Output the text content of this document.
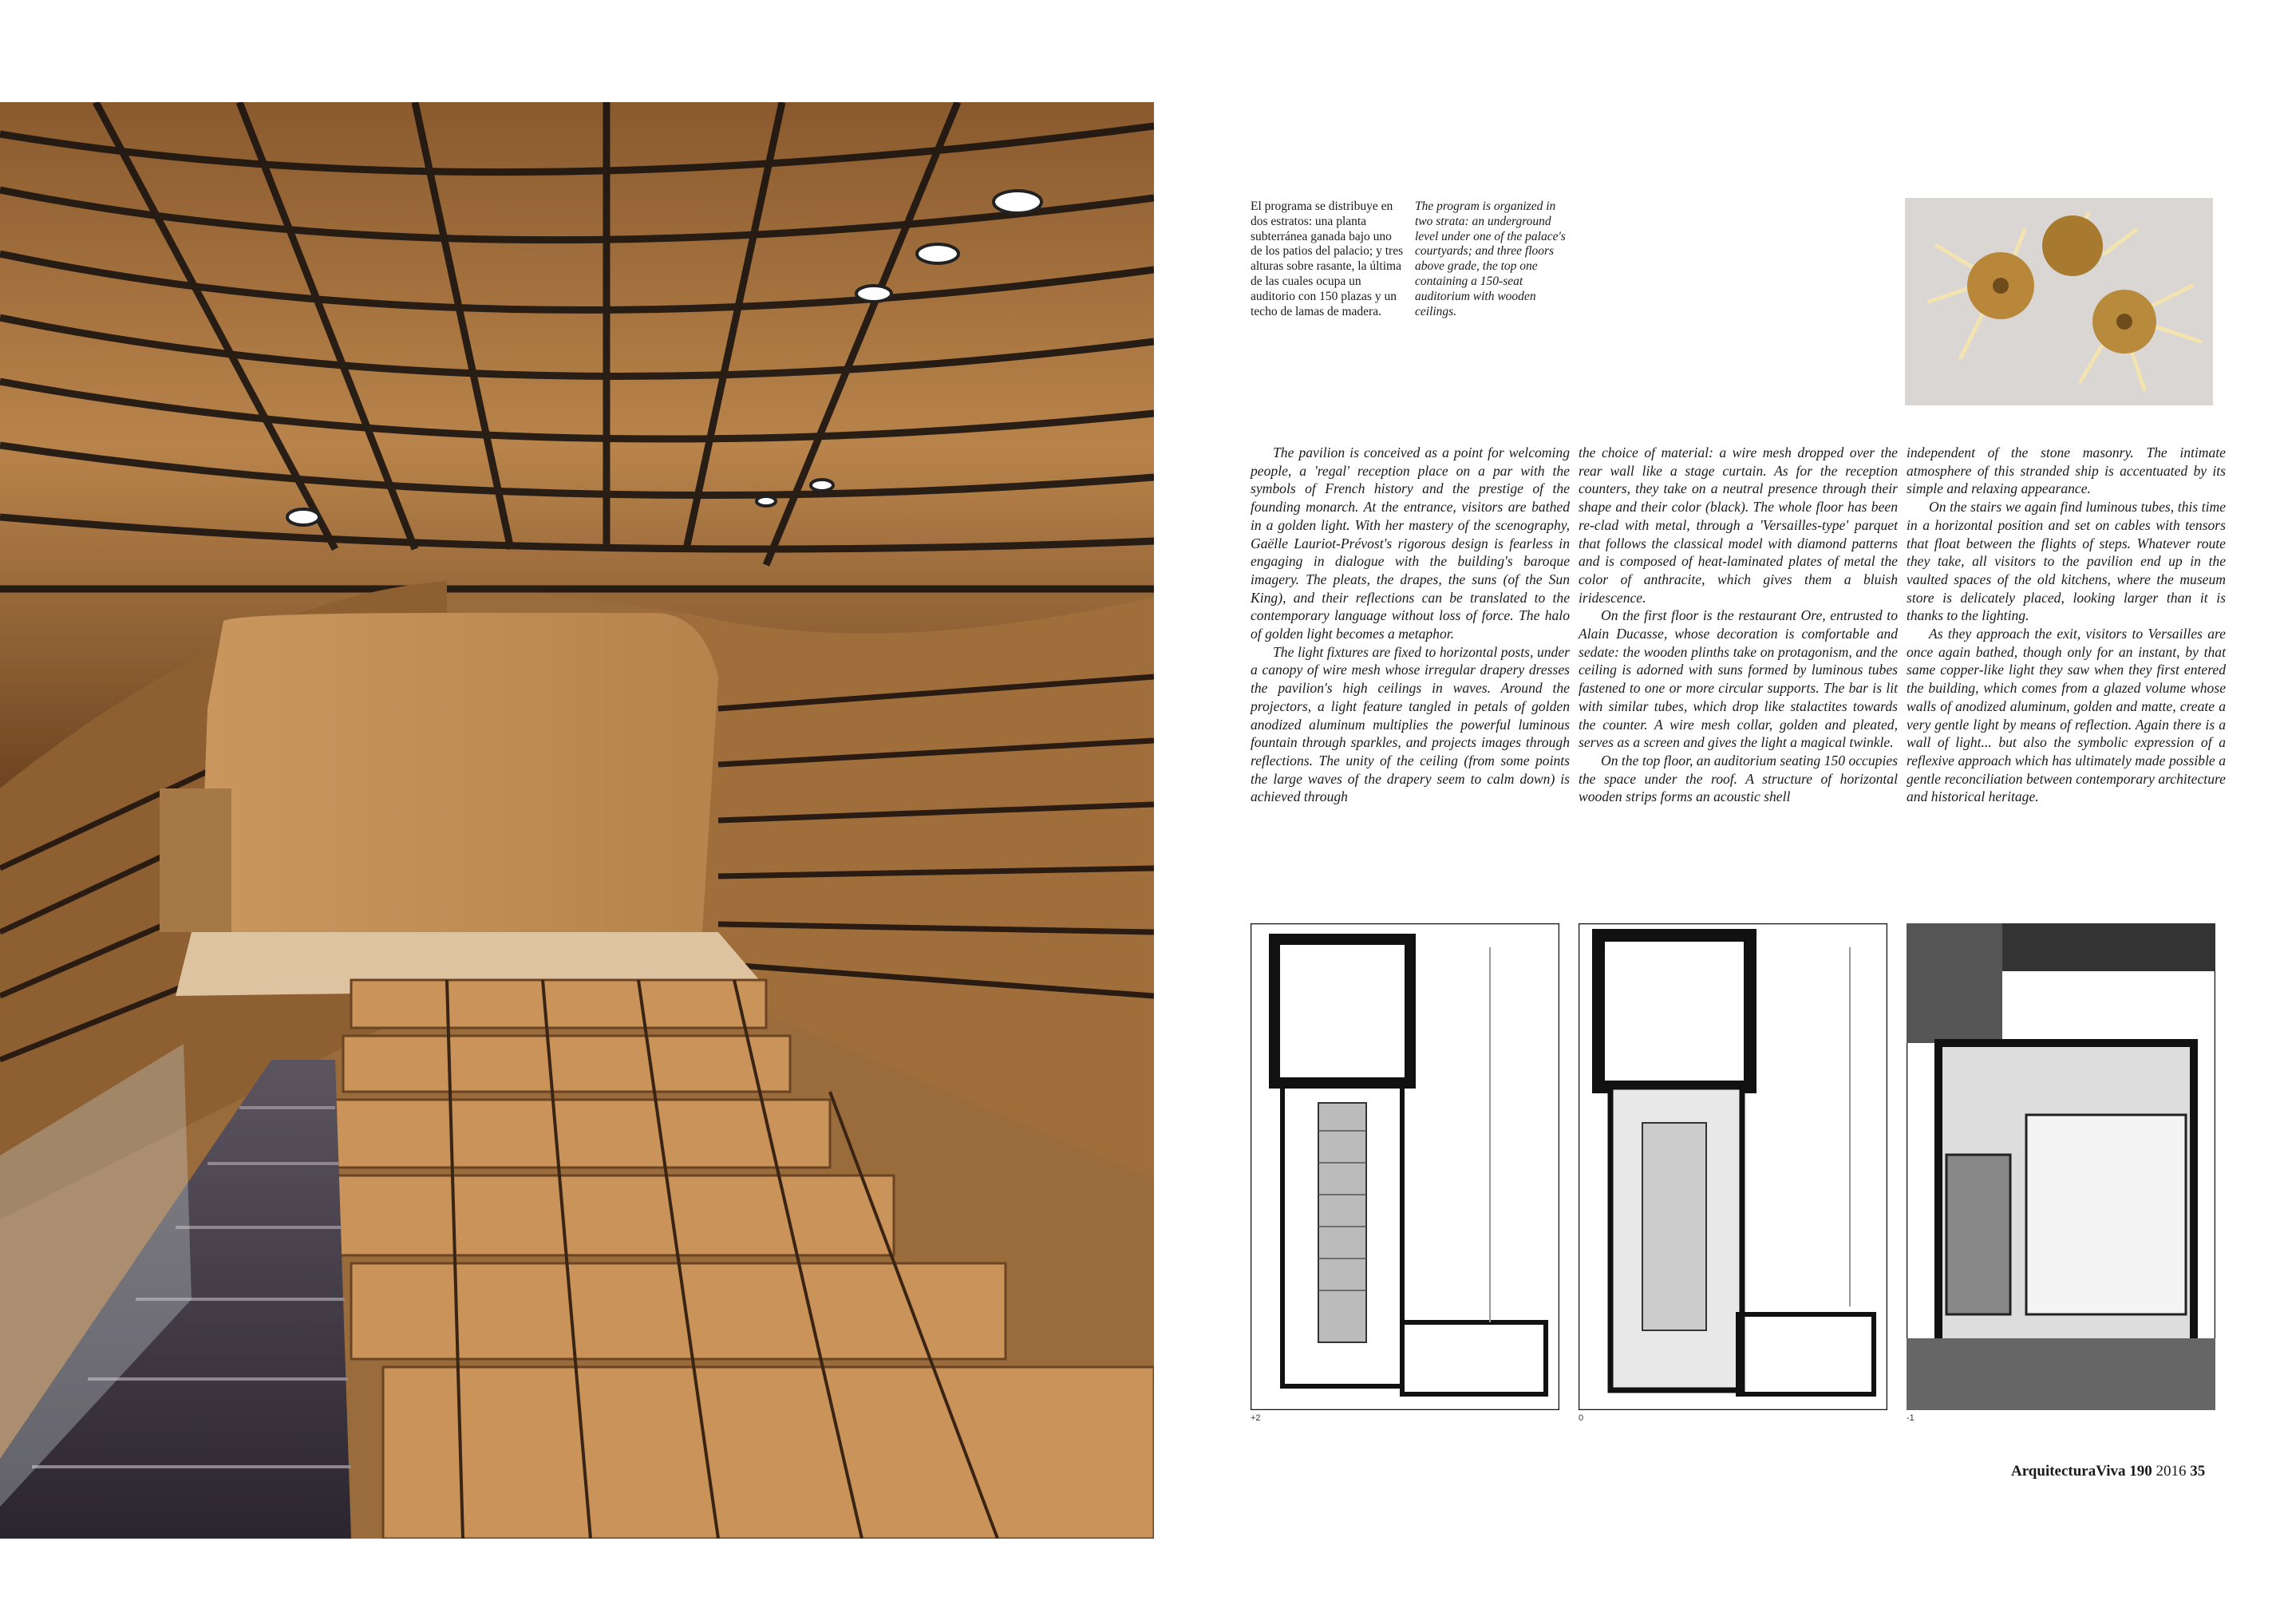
El programa se distribuye en dos estratos: una planta subterránea ganada bajo uno de los patios del palacio; y tres alturas sobre rasante, la última de las cuales ocupa un auditorio con 150 plazas y un techo de lamas de madera.
The program is organized in two strata: an underground level under one of the palace's courtyards; and three floors above grade, the top one containing a 150-seat auditorium with wooden ceilings.

The pavilion is conceived as a point for welcoming people, a 'regal' reception place on a par with the symbols of French history and the prestige of the founding monarch. At the entrance, visitors are bathed in a golden light. With her mastery of the scenography, Gaëlle Lauriot-Prévost's rigorous design is fearless in engaging in dialogue with the building's baroque imagery. The pleats, the drapes, the suns (of the Sun King), and their reflections can be translated to the contemporary language without loss of force. The halo of golden light becomes a metaphor.

The light fixtures are fixed to horizontal posts, under a canopy of wire mesh whose irregular drapery dresses the pavilion's high ceilings in waves. Around the projectors, a light feature tangled in petals of golden anodized aluminum multiplies the powerful luminous fountain through sparkles, and projects images through reflections. The unity of the ceiling (from some points the large waves of the drapery seem to calm down) is achieved through

the choice of material: a wire mesh dropped over the rear wall like a stage curtain. As for the reception counters, they take on a neutral presence through their shape and their color (black). The whole floor has been re-clad with metal, through a 'Versailles-type' parquet that follows the classical model with diamond patterns and is composed of heat-laminated plates of metal the color of anthracite, which gives them a bluish iridescence.

On the first floor is the restaurant Ore, entrusted to Alain Ducasse, whose decoration is comfortable and sedate: the wooden plinths take on protagonism, and the ceiling is adorned with suns formed by luminous tubes fastened to one or more circular supports. The bar is lit with similar tubes, which drop like stalactites towards the counter. A wire mesh collar, golden and pleated, serves as a screen and gives the light a magical twinkle.

On the top floor, an auditorium seating 150 occupies the space under the roof. A structure of horizontal wooden strips forms an acoustic shell

independent of the stone masonry. The intimate atmosphere of this stranded ship is accentuated by its simple and relaxing appearance.

On the stairs we again find luminous tubes, this time in a horizontal position and set on cables with tensors that float between the flights of steps. Whatever route they take, all visitors to the pavilion end up in the vaulted spaces of the old kitchens, where the museum store is delicately placed, looking larger than it is thanks to the lighting.

As they approach the exit, visitors to Versailles are once again bathed, though only for an instant, by that same copper-like light they saw when they first entered the building, which comes from a glazed volume whose walls of anodized aluminum, golden and matte, create a very gentle light by means of reflection. Again there is a wall of light... but also the symbolic expression of a reflexive approach which has ultimately made possible a gentle reconciliation between contemporary architecture and historical heritage.

+2	0	-1
ArquitecturaViva 190 2016 35
